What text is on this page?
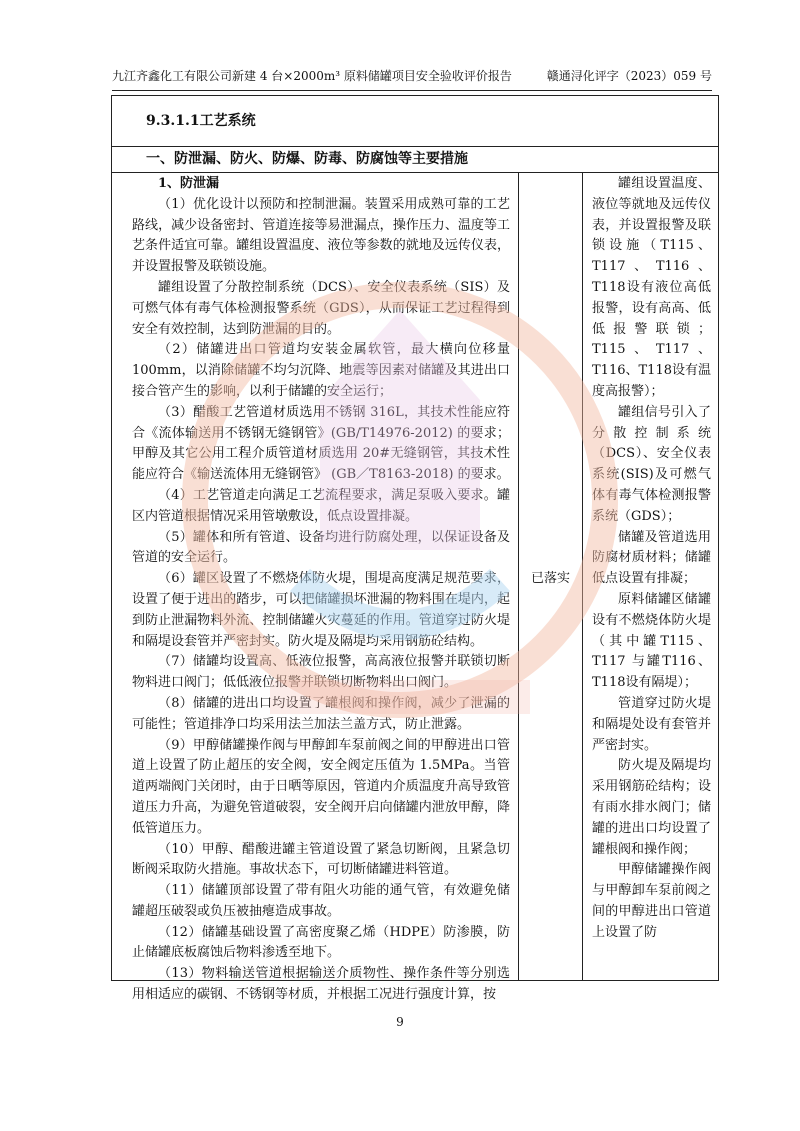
九江齐鑫化工有限公司新建 4 台×2000m³ 原料储罐项目安全验收评价报告	赣通浔化评字（2023）059 号
9.3.1.1工艺系统
一、防泄漏、防火、防爆、防毒、防腐蚀等主要措施

1、防泄漏

（1）优化设计以预防和控制泄漏。装置采用成熟可靠的工艺路线，减少设备密封、管道连接等易泄漏点，操作压力、温度等工艺条件适宜可靠。罐组设置温度、液位等参数的就地及远传仪表，并设置报警及联锁设施。

罐组设置了分散控制系统（DCS）、安全仪表系统（SIS）及可燃气体有毒气体检测报警系统（GDS），从而保证工艺过程得到安全有效控制，达到防泄漏的目的。

（2）储罐进出口管道均安装金属软管，最大横向位移量100mm，以消除储罐不均匀沉降、地震等因素对储罐及其进出口接合管产生的影响，以利于储罐的安全运行；

（3）醋酸工艺管道材质选用不锈钢 316L，其技术性能应符合《流体输送用不锈钢无缝钢管》(GB/T14976-2012) 的要求；甲醇及其它公用工程介质管道材质选用 20#无缝钢管，其技术性能应符合《输送流体用无缝钢管》 (GB／T8163-2018) 的要求。

（4）工艺管道走向满足工艺流程要求，满足泵吸入要求。罐区内管道根据情况采用管墩敷设，低点设置排凝。

（5）罐体和所有管道、设备均进行防腐处理，以保证设备及管道的安全运行。

（6）罐区设置了不燃烧体防火堤，围堤高度满足规范要求，设置了便于进出的踏步，可以把储罐损坏泄漏的物料围在堤内，起到防止泄漏物料外流、控制储罐火灾蔓延的作用。管道穿过防火堤和隔堤设套管并严密封实。防火堤及隔堤均采用钢筋砼结构。

（7）储罐均设置高、低液位报警，高高液位报警并联锁切断物料进口阀门；低低液位报警并联锁切断物料出口阀门。

（8）储罐的进出口均设置了罐根阀和操作阀，减少了泄漏的可能性；管道排净口均采用法兰加法兰盖方式，防止泄露。

（9）甲醇储罐操作阀与甲醇卸车泵前阀之间的甲醇进出口管道上设置了防止超压的安全阀，安全阀定压值为 1.5MPa。当管道两端阀门关闭时，由于日晒等原因，管道内介质温度升高导致管道压力升高，为避免管道破裂，安全阀开启向储罐内泄放甲醇，降低管道压力。

（10）甲醇、醋酸进罐主管道设置了紧急切断阀，且紧急切断阀采取防火措施。事故状态下，可切断储罐进料管道。

（11）储罐顶部设置了带有阻火功能的通气管，有效避免储罐超压破裂或负压被抽瘪造成事故。

（12）储罐基础设置了高密度聚乙烯（HDPE）防渗膜，防止储罐底板腐蚀后物料渗透至地下。

（13）物料输送管道根据输送介质物性、操作条件等分别选用相适应的碳钢、不锈钢等材质，并根据工况进行强度计算，按

已落实

罐组设置温度、液位等就地及远传仪表，并设置报警及联锁设施（T115、T117、T116、T118设有液位高低报警，设有高高、低低报警联锁；T115、T117、T116、T118设有温度高报警）；

罐组信号引入了分散控制系统（DCS）、安全仪表系统(SIS)及可燃气体有毒气体检测报警系统（GDS）；

储罐及管道选用防腐材质材料；储罐低点设置有排凝；

原料储罐区储罐设有不燃烧体防火堤（其中罐T115、T117 与罐T116、T118设有隔堤）；

管道穿过防火堤和隔堤处设有套管并严密封实。

防火堤及隔堤均采用钢筋砼结构；设有雨水排水阀门；储罐的进出口均设置了罐根阀和操作阀；

甲醇储罐操作阀与甲醇卸车泵前阀之间的甲醇进出口管道上设置了防

9
